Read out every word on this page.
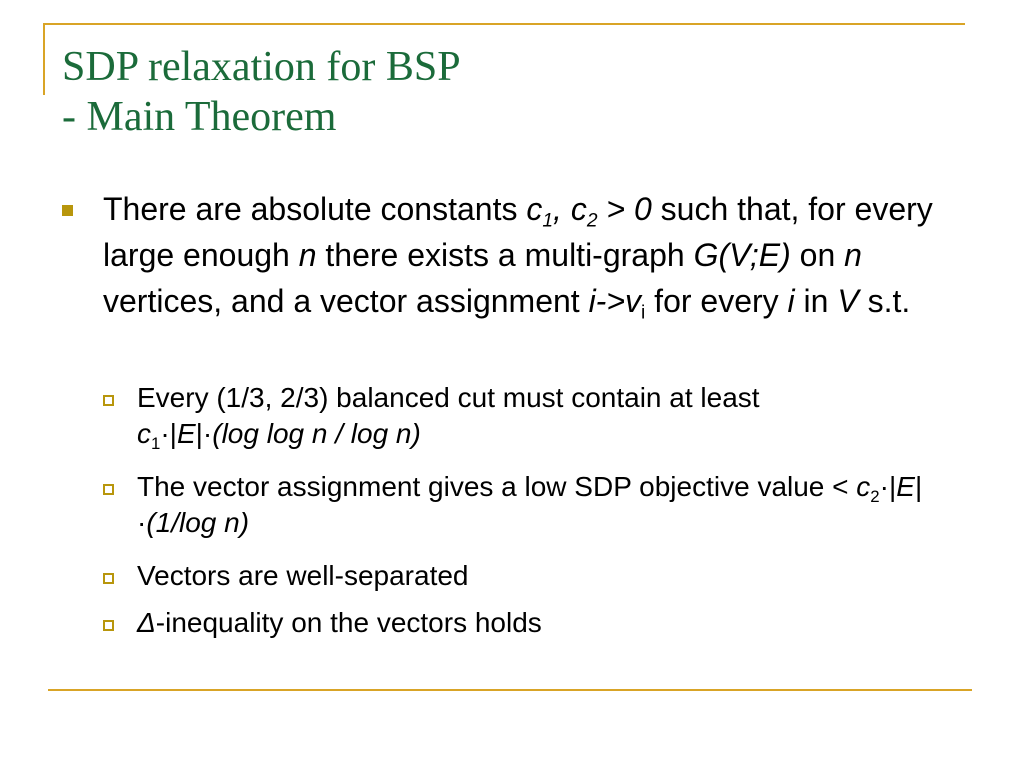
SDP relaxation for BSP
- Main Theorem
There are absolute constants $c_1$, $c_2 > 0$ such that, for every large enough n there exists a multi-graph G(V;E) on n vertices, and a vector assignment $i->v_i$ for every i in V s.t.
Every (1/3, 2/3) balanced cut must contain at least
$c_1\cdot|E|\cdot(\log$ log n / log n)
The vector assignment gives a low SDP objective value < $c_2\cdot|E|\cdot(1/\log$ n)
Vectors are well-separated
Δ-inequality on the vectors holds
